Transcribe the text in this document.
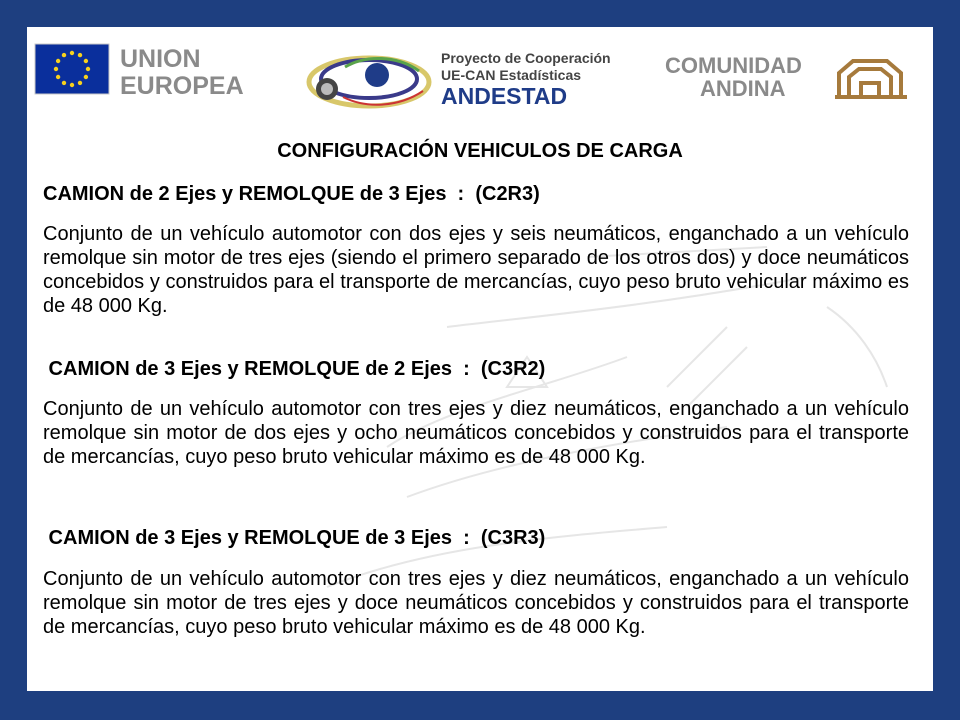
UNION
EUROPEA
Proyecto de Cooperación
UE-CAN Estadísticas
ANDESTAD
COMUNIDAD
ANDINA
CONFIGURACIÓN VEHICULOS DE CARGA
CAMION de 2 Ejes y REMOLQUE de 3 Ejes  :  (C2R3)
Conjunto de un vehículo automotor con dos ejes y seis neumáticos, enganchado a un vehículo remolque sin motor de tres ejes (siendo el primero separado de los otros dos) y doce neumáticos concebidos y construidos para el transporte de mercancías, cuyo peso bruto vehicular máximo es de 48 000 Kg.
CAMION de 3 Ejes y REMOLQUE de 2 Ejes  :  (C3R2)
Conjunto de un vehículo automotor con tres ejes y diez neumáticos, enganchado a un vehículo remolque sin motor de dos ejes y ocho neumáticos concebidos y construidos para el transporte de mercancías, cuyo peso bruto vehicular máximo es de 48 000 Kg.
CAMION de 3 Ejes y REMOLQUE de 3 Ejes  :  (C3R3)
Conjunto de un vehículo automotor con tres ejes y diez neumáticos, enganchado a un vehículo remolque sin motor de tres ejes y doce neumáticos concebidos y construidos para el transporte de mercancías, cuyo peso bruto vehicular máximo es de 48 000 Kg.
